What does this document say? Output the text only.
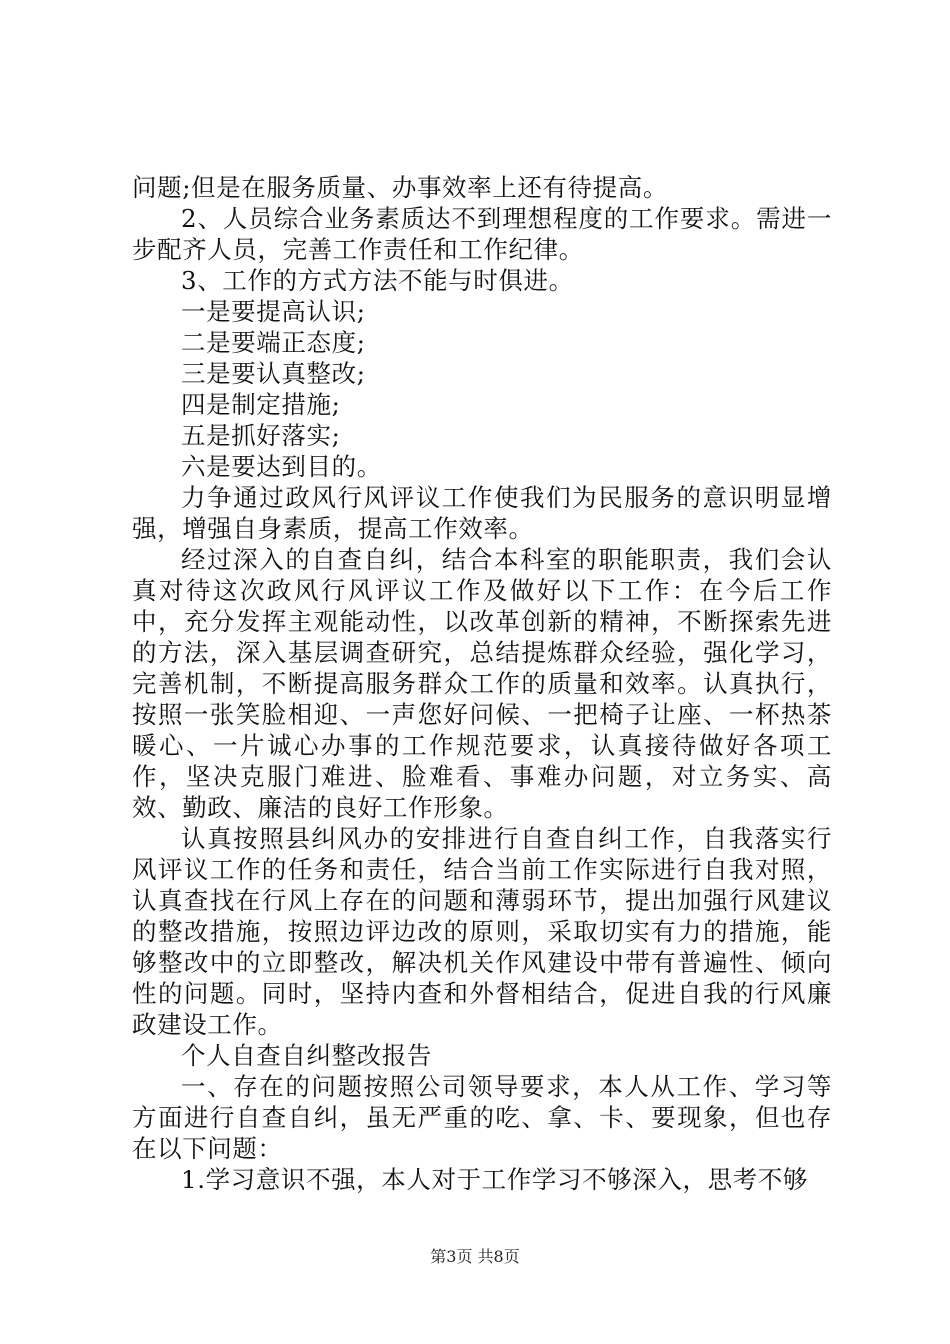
问题;但是在服务质量、办事效率上还有待提高。

2、人员综合业务素质达不到理想程度的工作要求。需进一步配齐人员，完善工作责任和工作纪律。

3、工作的方式方法不能与时俱进。

一是要提高认识;

二是要端正态度;

三是要认真整改;

四是制定措施;

五是抓好落实;

六是要达到目的。

力争通过政风行风评议工作使我们为民服务的意识明显增强，增强自身素质，提高工作效率。

经过深入的自查自纠，结合本科室的职能职责，我们会认真对待这次政风行风评议工作及做好以下工作：在今后工作中，充分发挥主观能动性，以改革创新的精神，不断探索先进的方法，深入基层调查研究，总结提炼群众经验，强化学习，完善机制，不断提高服务群众工作的质量和效率。认真执行，按照一张笑脸相迎、一声您好问候、一把椅子让座、一杯热茶暖心、一片诚心办事的工作规范要求，认真接待做好各项工作，坚决克服门难进、脸难看、事难办问题，对立务实、高效、勤政、廉洁的良好工作形象。

认真按照县纠风办的安排进行自查自纠工作，自我落实行风评议工作的任务和责任，结合当前工作实际进行自我对照，认真查找在行风上存在的问题和薄弱环节，提出加强行风建议的整改措施，按照边评边改的原则，采取切实有力的措施，能够整改中的立即整改，解决机关作风建设中带有普遍性、倾向性的问题。同时，坚持内查和外督相结合，促进自我的行风廉政建设工作。

个人自查自纠整改报告

一、存在的问题按照公司领导要求，本人从工作、学习等方面进行自查自纠，虽无严重的吃、拿、卡、要现象，但也存在以下问题：

1.学习意识不强，本人对于工作学习不够深入，思考不够

第3页 共8页
